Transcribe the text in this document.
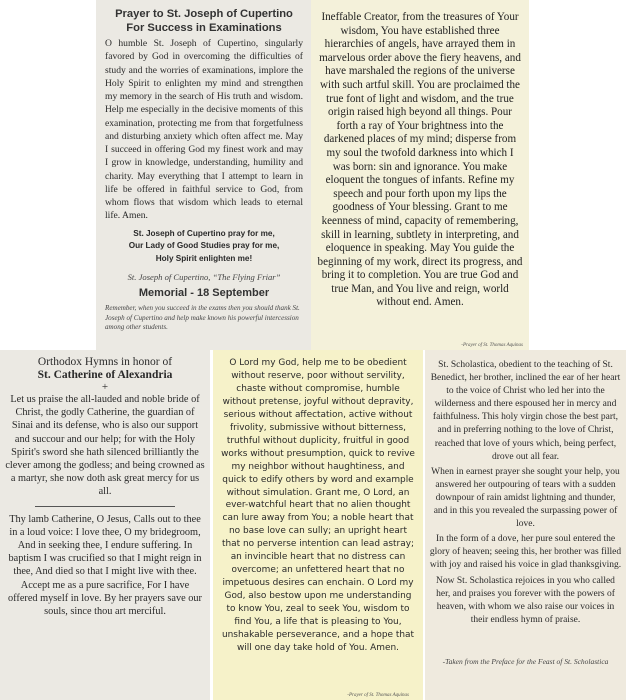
Prayer to St. Joseph of Cupertino

For Success in Examinations

O humble St. Joseph of Cupertino, singularly favored by God in overcoming the difficulties of study and the worries of examinations, implore the Holy Spirit to enlighten my mind and strengthen my memory in the search of His truth and wisdom. Help me especially in the decisive moments of this examination, protecting me from that forgetfulness and disturbing anxiety which often affect me. May I succeed in offering God my finest work and may I grow in knowledge, understanding, humility and charity. May everything that I attempt to learn in life be offered in faithful service to God, from whom flows that wisdom which leads to eternal life. Amen.

St. Joseph of Cupertino pray for me,

Our Lady of Good Studies pray for me,

Holy Spirit enlighten me!

St. Joseph of Cupertino, “The Flying Friar”

Memorial - 18 September

Remember, when you succeed in the exams then you should thank St. Joseph of Cupertino and help make known his powerful intercession among other students.

Ineffable Creator, from the treasures of Your wisdom, You have established three hierarchies of angels, have arrayed them in marvelous order above the fiery heavens, and have marshaled the regions of the universe with such artful skill. You are proclaimed the true font of light and wisdom, and the true origin raised high beyond all things. Pour forth a ray of Your brightness into the darkened places of my mind; disperse from my soul the twofold darkness into which I was born: sin and ignorance. You make eloquent the tongues of infants. Refine my speech and pour forth upon my lips the goodness of Your blessing. Grant to me keenness of mind, capacity of remembering, skill in learning, subtlety in interpreting, and eloquence in speaking. May You guide the beginning of my work, direct its progress, and bring it to completion. You are true God and true Man, and You live and reign, world without end. Amen.

-Prayer of St. Thomas Aquinas

Orthodox Hymns in honor of

St. Catherine of Alexandria

+

Let us praise the all-lauded and noble bride of Christ, the godly Catherine, the guardian of Sinai and its defense, who is also our support and succour and our help; for with the Holy Spirit's sword she hath silenced brilliantly the clever among the godless; and being crowned as a martyr, she now doth ask great mercy for us all.

Thy lamb Catherine, O Jesus, Calls out to thee in a loud voice: I love thee, O my bridegroom, And in seeking thee, I endure suffering. In baptism I was crucified so that I might reign in thee, And died so that I might live with thee. Accept me as a pure sacrifice, For I have offered myself in love. By her prayers save our souls, since thou art merciful.

O Lord my God, help me to be obedient without reserve, poor without servility, chaste without compromise, humble without pretense, joyful without depravity, serious without affectation, active without frivolity, submissive without bitterness, truthful without duplicity, fruitful in good works without presumption, quick to revive my neighbor without haughtiness, and quick to edify others by word and example without simulation. Grant me, O Lord, an ever-watchful heart that no alien thought can lure away from You; a noble heart that no base love can sully; an upright heart that no perverse intention can lead astray; an invincible heart that no distress can overcome; an unfettered heart that no impetuous desires can enchain. O Lord my God, also bestow upon me understanding to know You, zeal to seek You, wisdom to find You, a life that is pleasing to You, unshakable perseverance, and a hope that will one day take hold of You. Amen.

-Prayer of St. Thomas Aquinas

St. Scholastica, obedient to the teaching of St. Benedict, her brother, inclined the ear of her heart to the voice of Christ who led her into the wilderness and there espoused her in mercy and faithfulness. This holy virgin chose the best part, and in preferring nothing to the love of Christ, reached that love of yours which, being perfect, drove out all fear.

When in earnest prayer she sought your help, you answered her outpouring of tears with a sudden downpour of rain amidst lightning and thunder, and in this you revealed the surpassing power of love.

In the form of a dove, her pure soul entered the glory of heaven; seeing this, her brother was filled with joy and raised his voice in glad thanksgiving.

Now St. Scholastica rejoices in you who called her, and praises you forever with the powers of heaven, with whom we also raise our voices in their endless hymn of praise.

-Taken from the Preface for the Feast of St. Scholastica
